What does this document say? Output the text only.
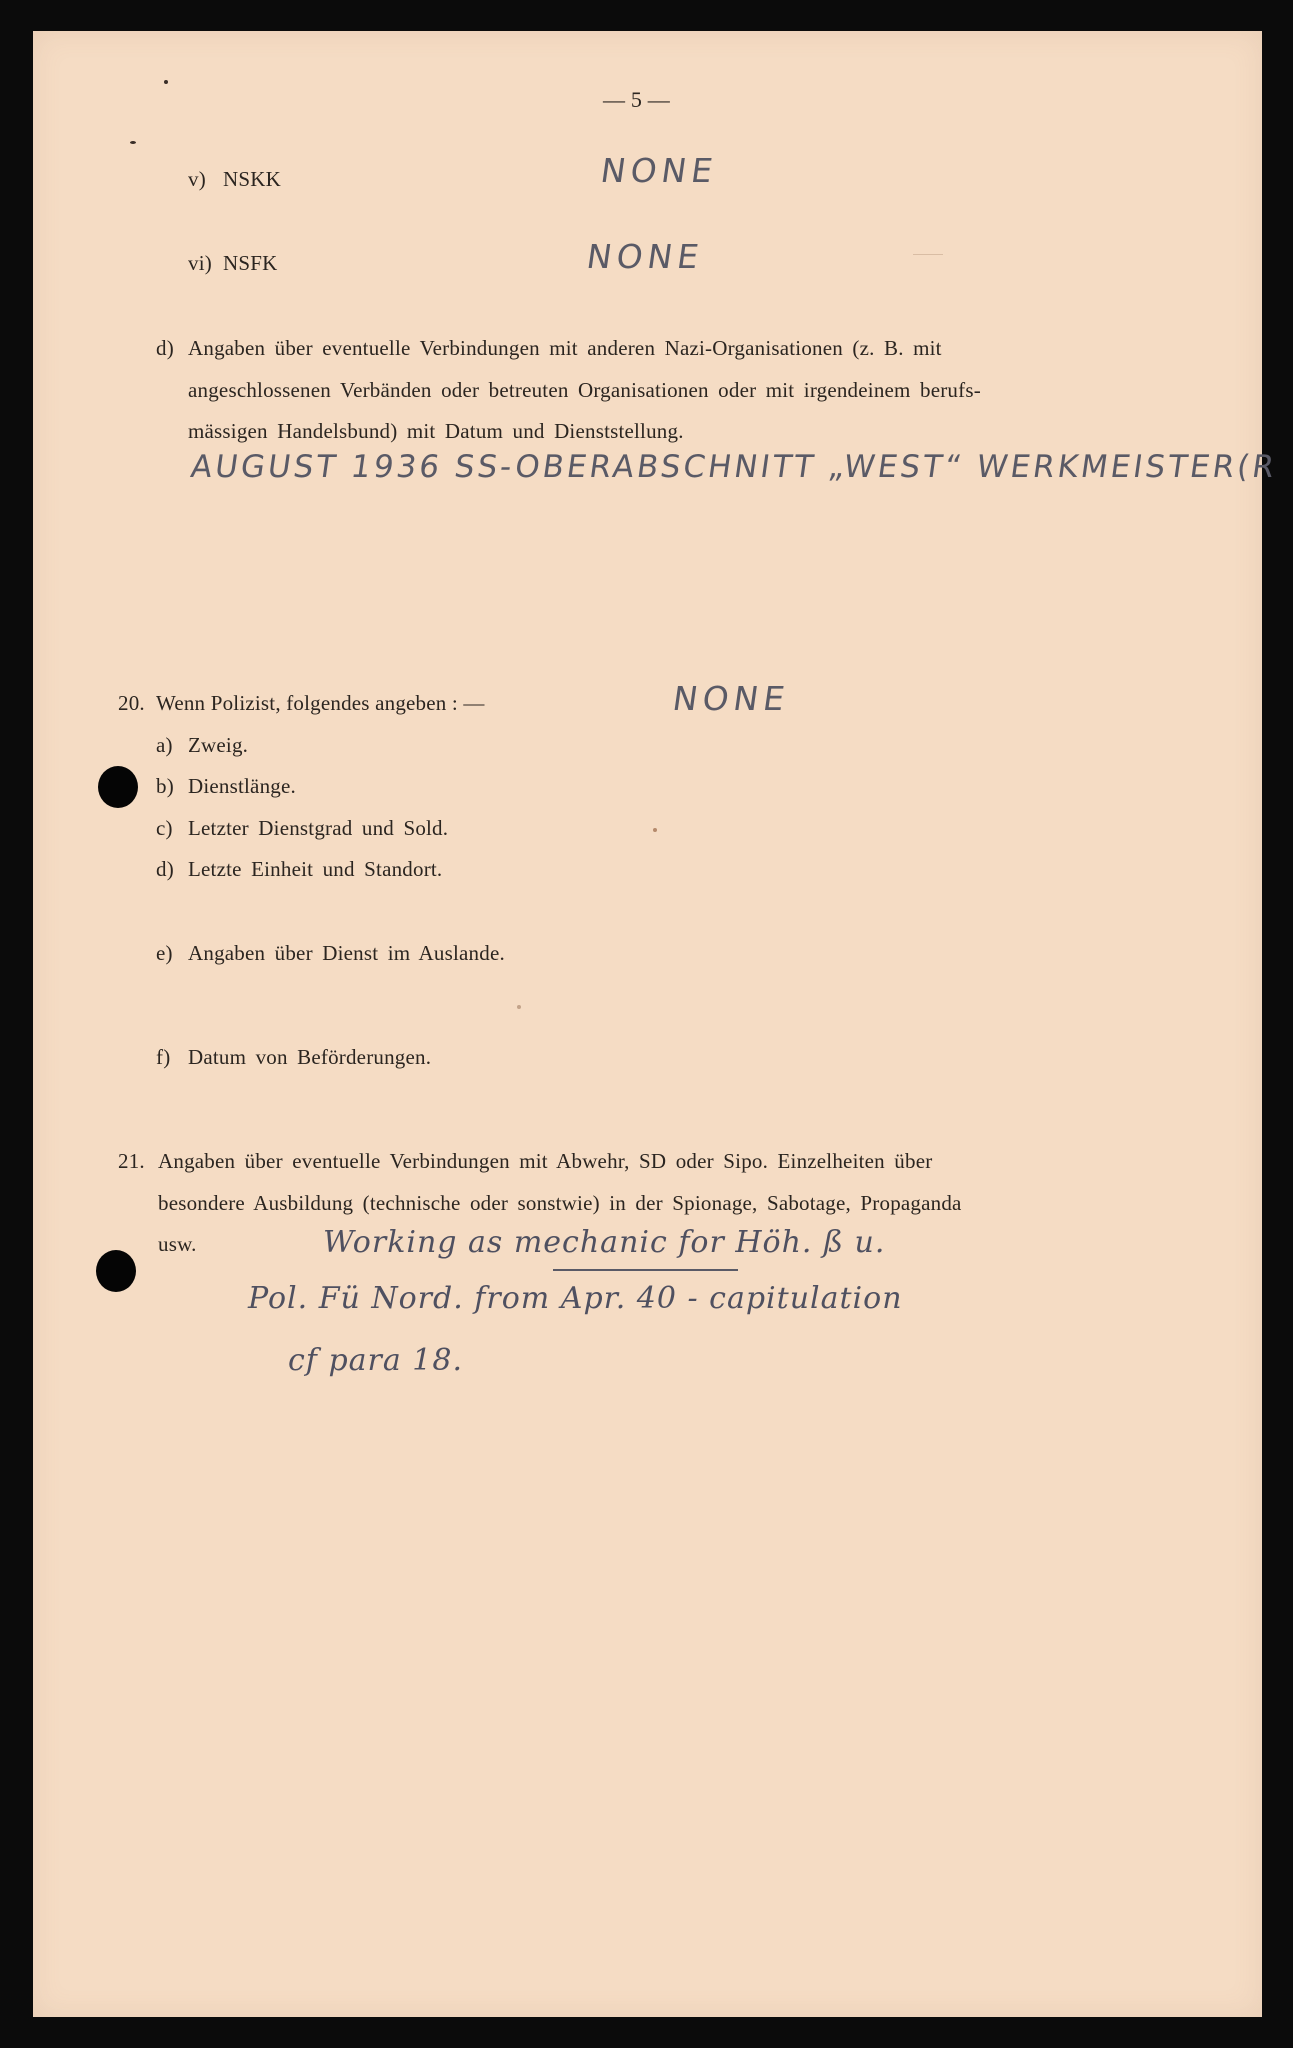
— 5 —
v) NSKK	NONE
vi) NSFK	NONE
d) Angaben über eventuelle Verbindungen mit anderen Nazi-Organisationen (z. B. mit
angeschlossenen Verbänden oder betreuten Organisationen oder mit irgendeinem berufs-
mässigen Handelsbund) mit Datum und Dienststellung.
AUGUST 1936 SS-OBERABSCHNITT „WEST“ WERKMEISTER(R
20. Wenn Polizist, folgendes angeben : —	NONE
a) Zweig.
b) Dienstlänge.
c) Letzter Dienstgrad und Sold.
d) Letzte Einheit und Standort.
e) Angaben über Dienst im Auslande.
f) Datum von Beförderungen.
21. Angaben über eventuelle Verbindungen mit Abwehr, SD oder Sipo. Einzelheiten über
besondere Ausbildung (technische oder sonstwie) in der Spionage, Sabotage, Propaganda
usw.	Working as mechanic for Höh. ß u.
Pol. Fü Nord. from Apr. 40 - capitulation
cf para 18.
